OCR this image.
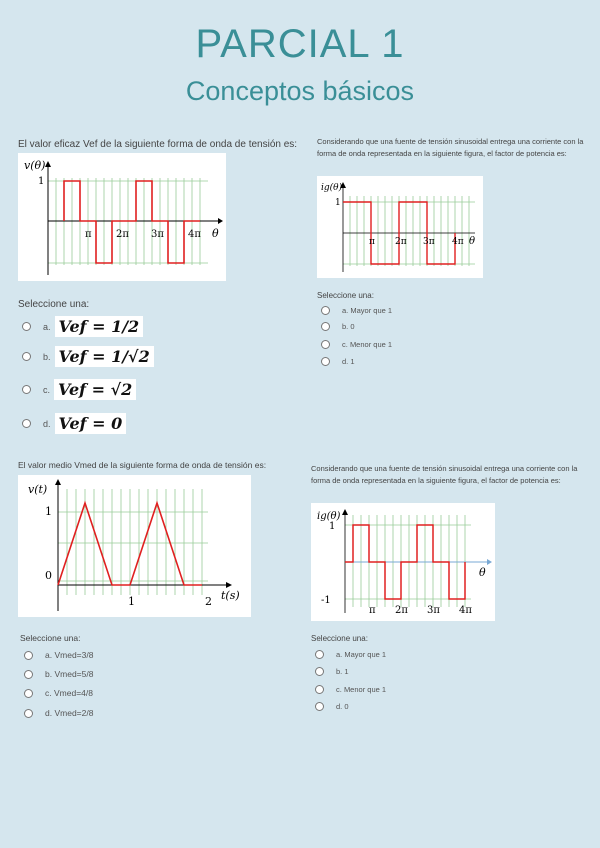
PARCIAL 1
Conceptos básicos
El valor eficaz Vef de la siguiente forma de onda de tensión es:
v(θ)
1
π 2π 3π 4π θ
Seleccione una:
a. Vef = 1/2
b. Vef = 1/√2
c. Vef = √2
d. Vef = 0
Considerando que una fuente de tensión sinusoidal entrega una corriente con la forma de onda representada en la siguiente figura, el factor de potencia es:
ig(θ)
1
π 2π 3π 4π θ
Seleccione una:
a.
Mayor que 1
b.
0
c.
Menor que 1
d.
1
El valor medio Vmed de la siguiente forma de onda de tensión es:
v(t)
1
0
1	2 t(s)
Seleccione una:
a.
Vmed=3/8
b.
Vmed=5/8
c.
Vmed=4/8
d.
Vmed=2/8
Considerando que una fuente de tensión sinusoidal entrega una corriente con la forma de onda representada en la siguiente figura, el factor de potencia es:
ig(θ)
1
-1
π 2π 3π 4π
θ
Seleccione una:
a.
Mayor que 1
b.
1
c.
Menor que 1
d.
0
